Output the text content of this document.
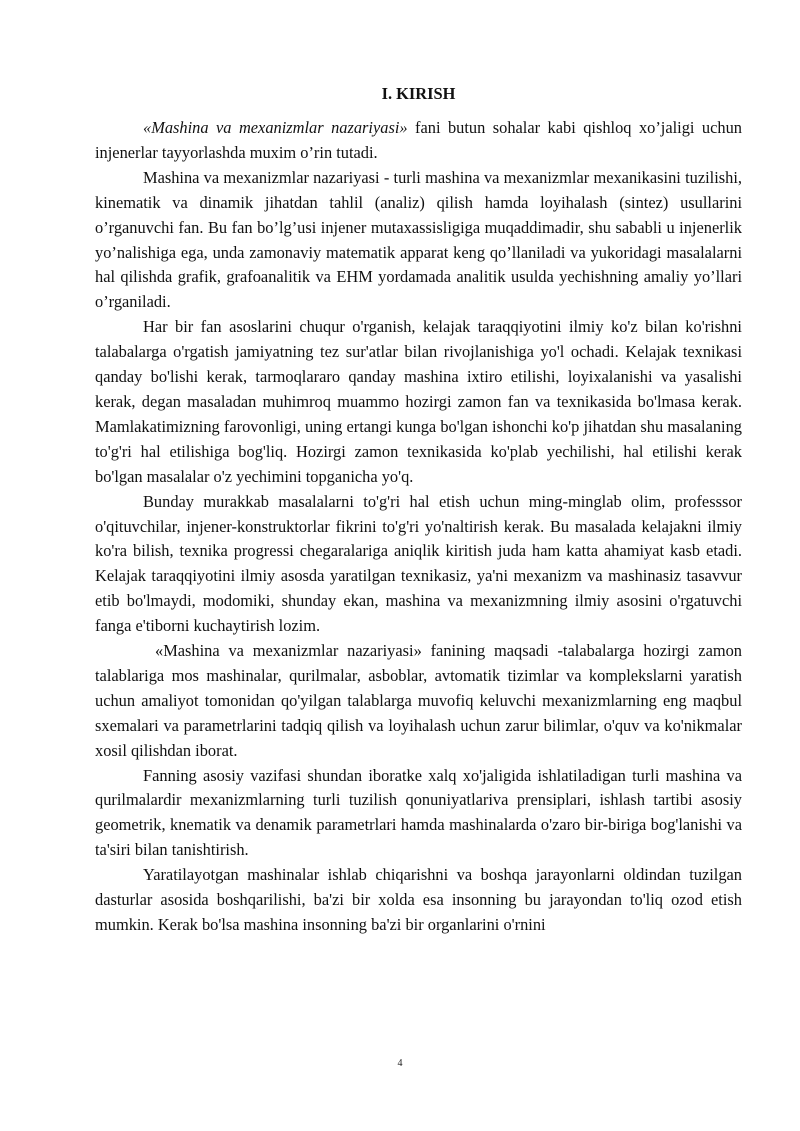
I. KIRISH

«Mashina va mexanizmlar nazariyasi» fani butun sohalar kabi qishloq xo’jaligi uchun injenerlar tayyorlashda muxim o’rin tutadi.

Mashina va mexanizmlar nazariyasi - turli mashina va mexanizmlar mexanikasini tuzilishi, kinematik va dinamik jihatdan tahlil (analiz) qilish hamda loyihalash (sintez) usullarini o’rganuvchi fan. Bu fan bo’lg’usi injener mutaxassisligiga muqaddimadir, shu sababli u injenerlik yo’nalishiga ega, unda zamonaviy matematik apparat keng qo’llaniladi va yukoridagi masalalarni hal qilishda grafik, grafoanalitik va EHM yordamada analitik usulda yechishning amaliy yo’llari o’rganiladi.

Har bir fan asoslarini chuqur o'rganish, kelajak taraqqiyotini ilmiy ko'z bilan ko'rishni talabalarga o'rgatish jamiyatning tez sur'atlar bilan rivojlanishiga yo'l ochadi. Kelajak texnikasi qanday bo'lishi kerak, tarmoqlararo qanday mashina ixtiro etilishi, loyixalanishi va yasalishi kerak, degan masaladan muhimroq muammo hozirgi zamon fan va texnikasida bo'lmasa kerak. Mamlakatimizning farovonligi, uning ertangi kunga bo'lgan ishonchi ko'p jihatdan shu masalaning to'g'ri hal etilishiga bog'liq. Hozirgi zamon texnikasida ko'plab yechilishi, hal etilishi kerak bo'lgan masalalar o'z yechimini topganicha yo'q.

Bunday murakkab masalalarni to'g'ri hal etish uchun ming-minglab olim, professsor o'qituvchilar, injener-konstruktorlar fikrini to'g'ri yo'naltirish kerak. Bu masalada kelajakni ilmiy ko'ra bilish, texnika progressi chegaralariga aniqlik kiritish juda ham katta ahamiyat kasb etadi. Kelajak taraqqiyotini ilmiy asosda yaratilgan texnikasiz, ya'ni mexanizm va mashinasiz tasavvur etib bo'lmaydi, modomiki, shunday ekan, mashina va mexanizmning ilmiy asosini o'rgatuvchi fanga e'tiborni kuchaytirish lozim.

«Mashina va mexanizmlar nazariyasi» fanining maqsadi -talabalarga hozirgi zamon talablariga mos mashinalar, qurilmalar, asboblar, avtomatik tizimlar va komplekslarni yaratish uchun amaliyot tomonidan qo'yilgan talablarga muvofiq keluvchi mexanizmlarning eng maqbul sxemalari va parametrlarini tadqiq qilish va loyihalash uchun zarur bilimlar, o'quv va ko'nikmalar xosil qilishdan iborat.

Fanning asosiy vazifasi shundan iboratke xalq xo'jaligida ishlatiladigan turli mashina va qurilmalardir mexanizmlarning turli tuzilish qonuniyatlariva prensiplari, ishlash tartibi asosiy geometrik, knematik va denamik parametrlari hamda mashinalarda o'zaro bir-biriga bog'lanishi va ta'siri bilan tanishtirish.

Yaratilayotgan mashinalar ishlab chiqarishni va boshqa jarayonlarni oldindan tuzilgan dasturlar asosida boshqarilishi, ba'zi bir xolda esa insonning bu jarayondan to'liq ozod etish mumkin. Kerak bo'lsa mashina insonning ba'zi bir organlarini o'rnini

4
